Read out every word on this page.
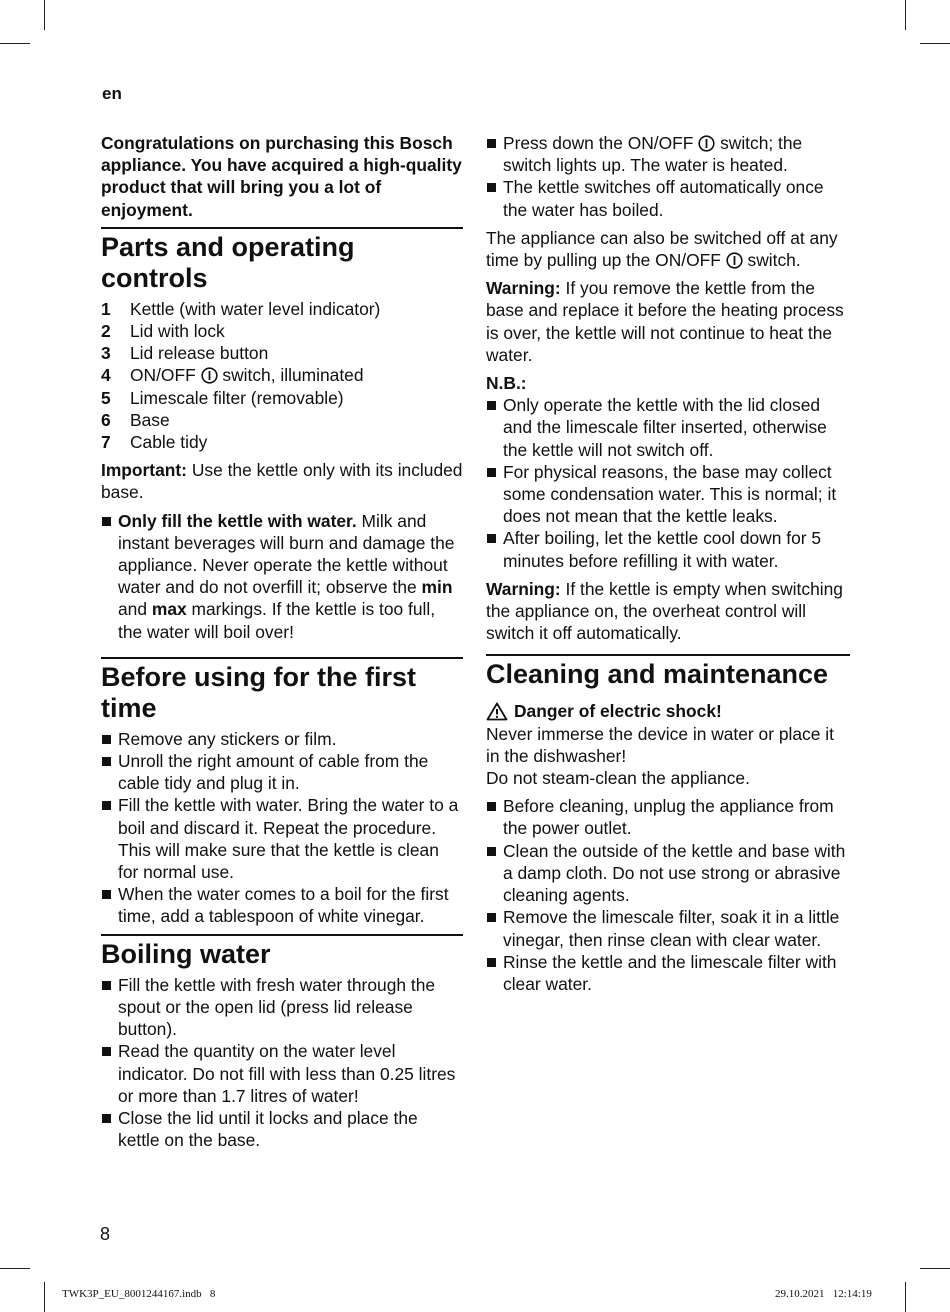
en

Congratulations on purchasing this Bosch appliance. You have acquired a high-quality product that will bring you a lot of enjoyment.

Parts and operating controls
1	Kettle (with water level indicator)
2	Lid with lock
3	Lid release button
4	ON/OFF  switch, illuminated
5	Limescale filter (removable)
6	Base
7	Cable tidy

Important: Use the kettle only with its included base.

Only fill the kettle with water. Milk and instant beverages will burn and damage the appliance. Never operate the kettle without water and do not overfill it; observe the min and max markings. If the kettle is too full, the water will boil over!
Before using for the first time
Remove any stickers or film.
Unroll the right amount of cable from the cable tidy and plug it in.
Fill the kettle with water. Bring the water to a boil and discard it. Repeat the procedure. This will make sure that the kettle is clean for normal use.
When the water comes to a boil for the first time, add a tablespoon of white vinegar.
Boiling water
Fill the kettle with fresh water through the spout or the open lid (press lid release button).
Read the quantity on the water level indicator. Do not fill with less than 0.25 litres or more than 1.7 litres of water!
Close the lid until it locks and place the kettle on the base.
Press down the ON/OFF  switch; the switch lights up. The water is heated.
The kettle switches off automatically once the water has boiled.

The appliance can also be switched off at any time by pulling up the ON/OFF  switch.

Warning: If you remove the kettle from the base and replace it before the heating process is over, the kettle will not continue to heat the water.

N.B.:

Only operate the kettle with the lid closed and the limescale filter inserted, otherwise the kettle will not switch off.
For physical reasons, the base may collect some condensation water. This is normal; it does not mean that the kettle leaks.
After boiling, let the kettle cool down for 5 minutes before refilling it with water.

Warning: If the kettle is empty when switching the appliance on, the overheat control will switch it off automatically.

Cleaning and maintenance

Danger of electric shock!

Never immerse the device in water or place it in the dishwasher!

Do not steam-clean the appliance.

Before cleaning, unplug the appliance from the power outlet.
Clean the outside of the kettle and base with a damp cloth. Do not use strong or abrasive cleaning agents.
Remove the limescale filter, soak it in a little vinegar, then rinse clean with clear water.
Rinse the kettle and the limescale filter with clear water.
8
TWK3P_EU_8001244167.indb   8	29.10.2021   12:14:19
